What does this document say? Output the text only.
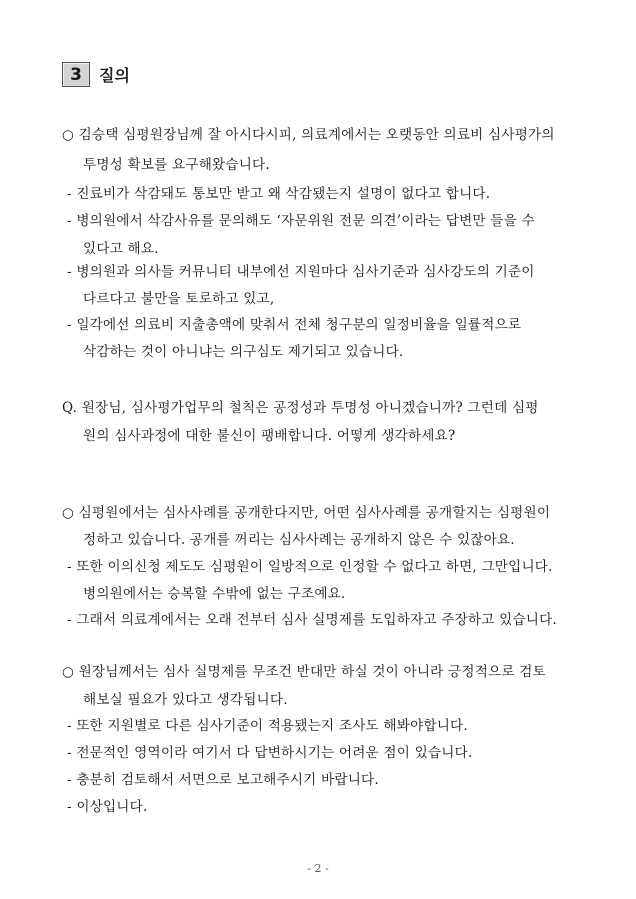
3	질의
○ 김승택 심평원장님께 잘 아시다시피, 의료계에서는 오랫동안 의료비 심사평가의
투명성 확보를 요구해왔습니다.
- 진료비가 삭감돼도 통보만 받고 왜 삭감됐는지 설명이 없다고 합니다.
- 병의원에서 삭감사유를 문의해도 ‘자문위원 전문 의견’이라는 답변만 들을 수
있다고 해요.
- 병의원과 의사들 커뮤니티 내부에선 지원마다 심사기준과 심사강도의 기준이
다르다고 불만을 토로하고 있고,
- 일각에선 의료비 지출총액에 맞춰서 전체 청구분의 일정비율을 일률적으로
삭감하는 것이 아니냐는 의구심도 제기되고 있습니다.
Q. 원장님, 심사평가업무의 철칙은 공정성과 투명성 아니겠습니까? 그런데 심평
원의 심사과정에 대한 불신이 팽배합니다. 어떻게 생각하세요?
○ 심평원에서는 심사사례를 공개한다지만, 어떤 심사사례를 공개할지는 심평원이
정하고 있습니다. 공개를 꺼리는 심사사례는 공개하지 않은 수 있잖아요.
- 또한 이의신청 제도도 심평원이 일방적으로 인정할 수 없다고 하면, 그만입니다.
병의원에서는 승복할 수밖에 없는 구조예요.
- 그래서 의료계에서는 오래 전부터 심사 실명제를 도입하자고 주장하고 있습니다.
○ 원장님께서는 심사 실명제를 무조건 반대만 하실 것이 아니라 긍정적으로 검토
해보실 필요가 있다고 생각됩니다.
- 또한 지원별로 다른 심사기준이 적용됐는지 조사도 해봐야합니다.
- 전문적인 영역이라 여기서 다 답변하시기는 어려운 점이 있습니다.
- 충분히 검토해서 서면으로 보고해주시기 바랍니다.
- 이상입니다.
- 2 -
